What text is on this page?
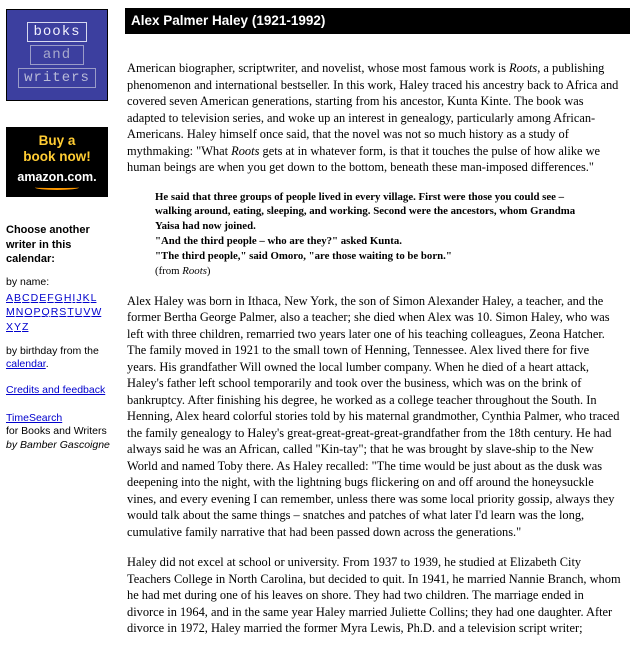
books
and
writers
Buy a
book now!
amazon.com.
Choose another writer in this calendar:
by name:
ABCDEFGHIJKL
MNOPQRSTUVW
XYZ
by birthday from the calendar.
Credits and feedback
TimeSearch
for Books and Writers
by Bamber Gascoigne
Alex Palmer Haley (1921-1992)

American biographer, scriptwriter, and novelist, whose most famous work is Roots, a publishing phenomenon and international bestseller. In this work, Haley traced his ancestry back to Africa and covered seven American generations, starting from his ancestor, Kunta Kinte. The book was adapted to television series, and woke up an interest in genealogy, particularly among African-Americans. Haley himself once said, that the novel was not so much history as a study of mythmaking: "What Roots gets at in whatever form, is that it touches the pulse of how alike we human beings are when you get down to the bottom, beneath these man-imposed differences."

He said that three groups of people lived in every village. First were those you could see – walking around, eating, sleeping, and working. Second were the ancestors, whom Grandma Yaisa had now joined.
"And the third people – who are they?" asked Kunta.
"The third people," said Omoro, "are those waiting to be born."
(from Roots)

Alex Haley was born in Ithaca, New York, the son of Simon Alexander Haley, a teacher, and the former Bertha George Palmer, also a teacher; she died when Alex was 10. Simon Haley, who was left with three children, remarried two years later one of his teaching colleagues, Zeona Hatcher. The family moved in 1921 to the small town of Henning, Tennessee. Alex lived there for five years. His grandfather Will owned the local lumber company. When he died of a heart attack, Haley's father left school temporarily and took over the business, which was on the brink of bankruptcy. After finishing his degree, he worked as a college teacher throughout the South. In Henning, Alex heard colorful stories told by his maternal grandmother, Cynthia Palmer, who traced the family genealogy to Haley's great-great-great-great-grandfather from the 18th century. He had always said he was an African, called "Kin-tay"; that he was brought by slave-ship to the New World and named Toby there. As Haley recalled: "The time would be just about as the dusk was deepening into the night, with the lightning bugs flickering on and off around the honeysuckle vines, and every evening I can remember, unless there was some local priority gossip, always they would talk about the same things – snatches and patches of what later I'd learn was the long, cumulative family narrative that had been passed down across the generations."

Haley did not excel at school or university. From 1937 to 1939, he studied at Elizabeth City Teachers College in North Carolina, but decided to quit. In 1941, he married Nannie Branch, whom he had met during one of his leaves on shore. They had two children. The marriage ended in divorce in 1964, and in the same year Haley married Juliette Collins; they had one daughter. After divorce in 1972, Haley married the former Myra Lewis, Ph.D. and a television script writer;
